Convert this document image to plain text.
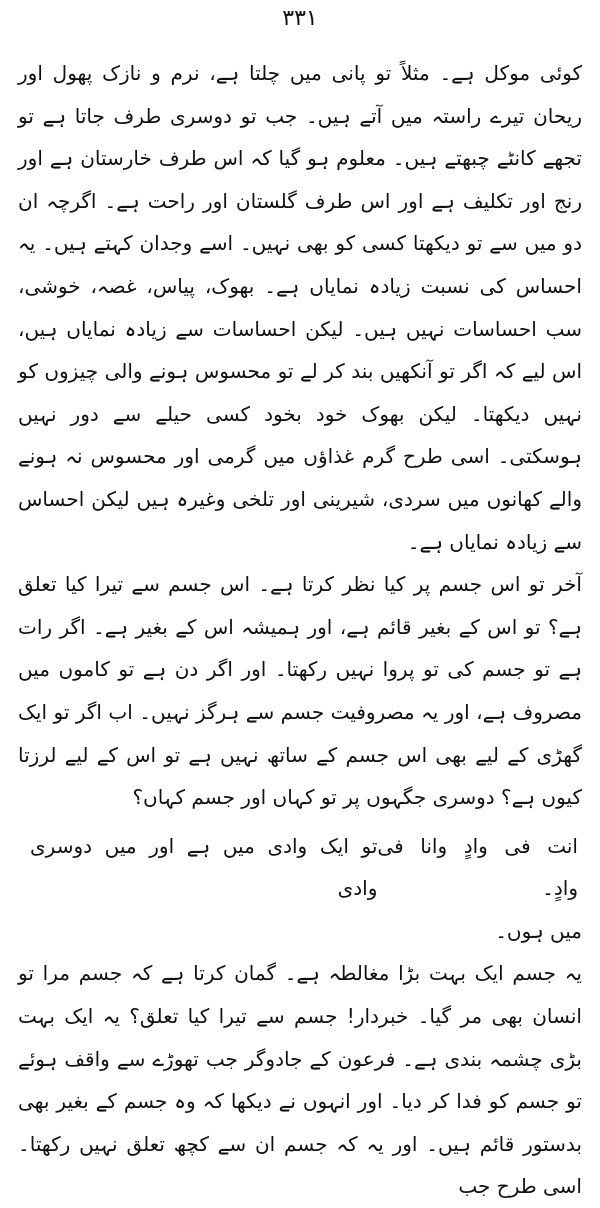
۳۳۱

کوئی موکل ہے۔ مثلاً تو پانی میں چلتا ہے، نرم و نازک پھول اور ریحان تیرے راستہ میں آتے ہیں۔ جب تو دوسری طرف جاتا ہے تو تجھے کانٹے چبھتے ہیں۔ معلوم ہو گیا کہ اس طرف خارستان ہے اور رنج اور تکلیف ہے اور اس طرف گلستان اور راحت ہے۔ اگرچہ ان دو میں سے تو دیکھتا کسی کو بھی نہیں۔ اسے وجدان کہتے ہیں۔ یہ احساس کی نسبت زیادہ نمایاں ہے۔ بھوک، پیاس، غصہ، خوشی، سب احساسات نہیں ہیں۔ لیکن احساسات سے زیادہ نمایاں ہیں، اس لیے کہ اگر تو آنکھیں بند کر لے تو محسوس ہونے والی چیزوں کو نہیں دیکھتا۔ لیکن بھوک خود بخود کسی حیلے سے دور نہیں ہوسکتی۔ اسی طرح گرم غذاؤں میں گرمی اور محسوس نہ ہونے والے کھانوں میں سردی، شیرینی اور تلخی وغیرہ ہیں لیکن احساس سے زیادہ نمایاں ہے۔

آخر تو اس جسم پر کیا نظر کرتا ہے۔ اس جسم سے تیرا کیا تعلق ہے؟ تو اس کے بغیر قائم ہے، اور ہمیشہ اس کے بغیر ہے۔ اگر رات ہے تو جسم کی تو پروا نہیں رکھتا۔ اور اگر دن ہے تو کاموں میں مصروف ہے، اور یہ مصروفیت جسم سے ہرگز نہیں۔ اب اگر تو ایک گھڑی کے لیے بھی اس جسم کے ساتھ نہیں ہے تو اس کے لیے لرزتا کیوں ہے؟ دوسری جگہوں پر تو کہاں اور جسم کہاں؟

انت فی وادٍ وانا فی وادٍ۔
تو ایک وادی میں ہے اور میں دوسری وادی

میں ہوں۔

یہ جسم ایک بہت بڑا مغالطہ ہے۔ گمان کرتا ہے کہ جسم مرا تو انسان بھی مر گیا۔ خبردار! جسم سے تیرا کیا تعلق؟ یہ ایک بہت بڑی چشمہ بندی ہے۔ فرعون کے جادوگر جب تھوڑے سے واقف ہوئے تو جسم کو فدا کر دیا۔ اور انہوں نے دیکھا کہ وہ جسم کے بغیر بھی بدستور قائم ہیں۔ اور یہ کہ جسم ان سے کچھ تعلق نہیں رکھتا۔ اسی طرح جب
